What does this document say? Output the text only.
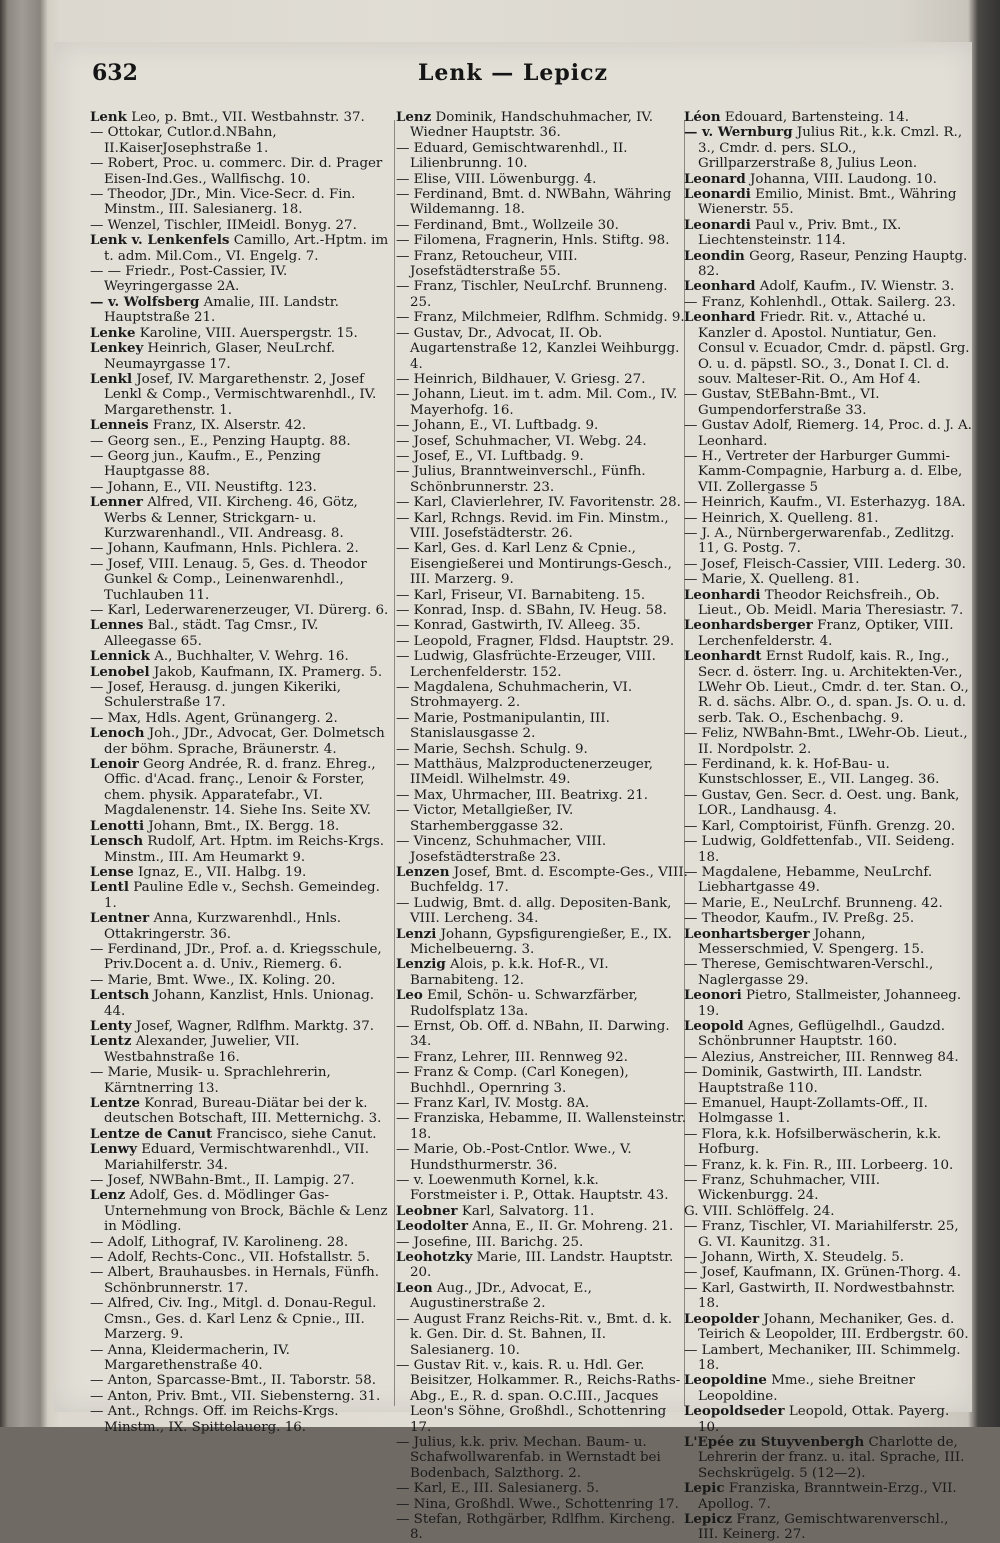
632	Lenk — Lepicz
Lenk Leo, p. Bmt., VII. Westbahnstr. 37.
— Ottokar, Cutlor.d.NBahn, II.KaiserJosephstraße 1.
— Robert, Proc. u. commerc. Dir. d. Prager Eisen-Ind.Ges., Wallfischg. 10.
— Theodor, JDr., Min. Vice-Secr. d. Fin. Minstm., III. Salesianerg. 18.
— Wenzel, Tischler, IIMeidl. Bonyg. 27.
Lenk v. Lenkenfels Camillo, Art.-Hptm. im t. adm. Mil.Com., VI. Engelg. 7.
— — Friedr., Post-Cassier, IV. Weyringergasse 2A.
— v. Wolfsberg Amalie, III. Landstr. Hauptstraße 21.
Lenke Karoline, VIII. Auerspergstr. 15.
Lenkey Heinrich, Glaser, NeuLrchf. Neumayrgasse 17.
Lenkl Josef, IV. Margarethenstr. 2, Josef Lenkl & Comp., Vermischtwarenhdl., IV. Margarethenstr. 1.
Lenneis Franz, IX. Alserstr. 42.
— Georg sen., E., Penzing Hauptg. 88.
— Georg jun., Kaufm., E., Penzing Hauptgasse 88.
— Johann, E., VII. Neustiftg. 123.
Lenner Alfred, VII. Kircheng. 46, Götz, Werbs & Lenner, Strickgarn- u. Kurzwarenhandl., VII. Andreasg. 8.
— Johann, Kaufmann, Hnls. Pichlera. 2.
— Josef, VIII. Lenaug. 5, Ges. d. Theodor Gunkel & Comp., Leinenwarenhdl., Tuchlauben 11.
— Karl, Lederwarenerzeuger, VI. Dürerg. 6.
Lennes Bal., städt. Tag Cmsr., IV. Alleegasse 65.
Lennick A., Buchhalter, V. Wehrg. 16.
Lenobel Jakob, Kaufmann, IX. Pramerg. 5.
— Josef, Herausg. d. jungen Kikeriki, Schulerstraße 17.
— Max, Hdls. Agent, Grünangerg. 2.
Lenoch Joh., JDr., Advocat, Ger. Dolmetsch der böhm. Sprache, Bräunerstr. 4.
Lenoir Georg Andrée, R. d. franz. Ehreg., Offic. d'Acad. franç., Lenoir & Forster, chem. physik. Apparatefabr., VI. Magdalenenstr. 14. Siehe Ins. Seite XV.
Lenotti Johann, Bmt., IX. Bergg. 18.
Lensch Rudolf, Art. Hptm. im Reichs-Krgs. Minstm., III. Am Heumarkt 9.
Lense Ignaz, E., VII. Halbg. 19.
Lentl Pauline Edle v., Sechsh. Gemeindeg. 1.
Lentner Anna, Kurzwarenhdl., Hnls. Ottakringerstr. 36.
— Ferdinand, JDr., Prof. a. d. Kriegsschule, Priv.Docent a. d. Univ., Riemerg. 6.
— Marie, Bmt. Wwe., IX. Koling. 20.
Lentsch Johann, Kanzlist, Hnls. Unionag. 44.
Lenty Josef, Wagner, Rdlfhm. Marktg. 37.
Lentz Alexander, Juwelier, VII. Westbahnstraße 16.
— Marie, Musik- u. Sprachlehrerin, Kärntnerring 13.
Lentze Konrad, Bureau-Diätar bei der k. deutschen Botschaft, III. Metternichg. 3.
Lentze de Canut Francisco, siehe Canut.
Lenwy Eduard, Vermischtwarenhdl., VII. Mariahilferstr. 34.
— Josef, NWBahn-Bmt., II. Lampig. 27.
Lenz Adolf, Ges. d. Mödlinger Gas-Unternehmung von Brock, Bächle & Lenz in Mödling.
— Adolf, Lithograf, IV. Karolineng. 28.
— Adolf, Rechts-Conc., VII. Hofstallstr. 5.
— Albert, Brauhausbes. in Hernals, Fünfh. Schönbrunnerstr. 17.
— Alfred, Civ. Ing., Mitgl. d. Donau-Regul. Cmsn., Ges. d. Karl Lenz & Cpnie., III. Marzerg. 9.
— Anna, Kleidermacherin, IV. Margarethenstraße 40.
— Anton, Sparcasse-Bmt., II. Taborstr. 58.
— Anton, Priv. Bmt., VII. Siebensterng. 31.
— Ant., Rchngs. Off. im Reichs-Krgs. Minstm., IX. Spittelauerg. 16.
Lenz Dominik, Handschuhmacher, IV. Wiedner Hauptstr. 36.
— Eduard, Gemischtwarenhdl., II. Lilienbrunng. 10.
— Elise, VIII. Löwenburgg. 4.
— Ferdinand, Bmt. d. NWBahn, Währing Wildemanng. 18.
— Ferdinand, Bmt., Wollzeile 30.
— Filomena, Fragnerin, Hnls. Stiftg. 98.
— Franz, Retoucheur, VIII. Josefstädterstraße 55.
— Franz, Tischler, NeuLrchf. Brunneng. 25.
— Franz, Milchmeier, Rdlfhm. Schmidg. 9.
— Gustav, Dr., Advocat, II. Ob. Augartenstraße 12, Kanzlei Weihburgg. 4.
— Heinrich, Bildhauer, V. Griesg. 27.
— Johann, Lieut. im t. adm. Mil. Com., IV. Mayerhofg. 16.
— Johann, E., VI. Luftbadg. 9.
— Josef, Schuhmacher, VI. Webg. 24.
— Josef, E., VI. Luftbadg. 9.
— Julius, Branntweinverschl., Fünfh. Schönbrunnerstr. 23.
— Karl, Clavierlehrer, IV. Favoritenstr. 28.
— Karl, Rchngs. Revid. im Fin. Minstm., VIII. Josefstädterstr. 26.
— Karl, Ges. d. Karl Lenz & Cpnie., Eisengießerei und Montirungs-Gesch., III. Marzerg. 9.
— Karl, Friseur, VI. Barnabiteng. 15.
— Konrad, Insp. d. SBahn, IV. Heug. 58.
— Konrad, Gastwirth, IV. Alleeg. 35.
— Leopold, Fragner, Fldsd. Hauptstr. 29.
— Ludwig, Glasfrüchte-Erzeuger, VIII. Lerchenfelderstr. 152.
— Magdalena, Schuhmacherin, VI. Strohmayerg. 2.
— Marie, Postmanipulantin, III. Stanislausgasse 2.
— Marie, Sechsh. Schulg. 9.
— Matthäus, Malzproductenerzeuger, IIMeidl. Wilhelmstr. 49.
— Max, Uhrmacher, III. Beatrixg. 21.
— Victor, Metallgießer, IV. Starhemberggasse 32.
— Vincenz, Schuhmacher, VIII. Josefstädterstraße 23.
Lenzen Josef, Bmt. d. Escompte-Ges., VIII. Buchfeldg. 17.
— Ludwig, Bmt. d. allg. Depositen-Bank, VIII. Lercheng. 34.
Lenzi Johann, Gypsfigurengießer, E., IX. Michelbeuerng. 3.
Lenzig Alois, p. k.k. Hof-R., VI. Barnabiteng. 12.
Leo Emil, Schön- u. Schwarzfärber, Rudolfsplatz 13a.
— Ernst, Ob. Off. d. NBahn, II. Darwing. 34.
— Franz, Lehrer, III. Rennweg 92.
— Franz & Comp. (Carl Konegen), Buchhdl., Opernring 3.
— Franz Karl, IV. Mostg. 8A.
— Franziska, Hebamme, II. Wallensteinstr. 18.
— Marie, Ob.-Post-Cntlor. Wwe., V. Hundsthurmerstr. 36.
— v. Loewenmuth Kornel, k.k. Forstmeister i. P., Ottak. Hauptstr. 43.
Leobner Karl, Salvatorg. 11.
Leodolter Anna, E., II. Gr. Mohreng. 21.
— Josefine, III. Barichg. 25.
Leohotzky Marie, III. Landstr. Hauptstr. 20.
Leon Aug., JDr., Advocat, E., Augustinerstraße 2.
— August Franz Reichs-Rit. v., Bmt. d. k. k. Gen. Dir. d. St. Bahnen, II. Salesianerg. 10.
— Gustav Rit. v., kais. R. u. Hdl. Ger. Beisitzer, Holkammer. R., Reichs-Raths-Abg., E., R. d. span. O.C.III., Jacques Leon's Söhne, Großhdl., Schottenring 17.
— Julius, k.k. priv. Mechan. Baum- u. Schafwollwarenfab. in Wernstadt bei Bodenbach, Salzthorg. 2.
— Karl, E., III. Salesianerg. 5.
— Nina, Großhdl. Wwe., Schottenring 17.
— Stefan, Rothgärber, Rdlfhm. Kircheng. 8.
Léon Edouard, Bartensteing. 14.
— v. Wernburg Julius Rit., k.k. Cmzl. R., 3., Cmdr. d. pers. SLO., Grillparzerstraße 8, Julius Leon.
Leonard Johanna, VIII. Laudong. 10.
Leonardi Emilio, Minist. Bmt., Währing Wienerstr. 55.
Leonardi Paul v., Priv. Bmt., IX. Liechtensteinstr. 114.
Leondin Georg, Raseur, Penzing Hauptg. 82.
Leonhard Adolf, Kaufm., IV. Wienstr. 3.
— Franz, Kohlenhdl., Ottak. Sailerg. 23.
Leonhard Friedr. Rit. v., Attaché u. Kanzler d. Apostol. Nuntiatur, Gen. Consul v. Ecuador, Cmdr. d. päpstl. Grg. O. u. d. päpstl. SO., 3., Donat I. Cl. d. souv. Malteser-Rit. O., Am Hof 4.
— Gustav, StEBahn-Bmt., VI. Gumpendorferstraße 33.
— Gustav Adolf, Riemerg. 14, Proc. d. J. A. Leonhard.
— H., Vertreter der Harburger Gummi-Kamm-Compagnie, Harburg a. d. Elbe, VII. Zollergasse 5
— Heinrich, Kaufm., VI. Esterhazyg. 18A.
— Heinrich, X. Quelleng. 81.
— J. A., Nürnbergerwarenfab., Zedlitzg. 11, G. Postg. 7.
— Josef, Fleisch-Cassier, VIII. Lederg. 30.
— Marie, X. Quelleng. 81.
Leonhardi Theodor Reichsfreih., Ob. Lieut., Ob. Meidl. Maria Theresiastr. 7.
Leonhardsberger Franz, Optiker, VIII. Lerchenfelderstr. 4.
Leonhardt Ernst Rudolf, kais. R., Ing., Secr. d. österr. Ing. u. Architekten-Ver., LWehr Ob. Lieut., Cmdr. d. ter. Stan. O., R. d. sächs. Albr. O., d. span. Js. O. u. d. serb. Tak. O., Eschenbachg. 9.
— Feliz, NWBahn-Bmt., LWehr-Ob. Lieut., II. Nordpolstr. 2.
— Ferdinand, k. k. Hof-Bau- u. Kunstschlosser, E., VII. Langeg. 36.
— Gustav, Gen. Secr. d. Oest. ung. Bank, LOR., Landhausg. 4.
— Karl, Comptoirist, Fünfh. Grenzg. 20.
— Ludwig, Goldfettenfab., VII. Seideng. 18.
— Magdalene, Hebamme, NeuLrchf. Liebhartgasse 49.
— Marie, E., NeuLrchf. Brunneng. 42.
— Theodor, Kaufm., IV. Preßg. 25.
Leonhartsberger Johann, Messerschmied, V. Spengerg. 15.
— Therese, Gemischtwaren-Verschl., Naglergasse 29.
Leonori Pietro, Stallmeister, Johanneeg. 19.
Leopold Agnes, Geflügelhdl., Gaudzd. Schönbrunner Hauptstr. 160.
— Alezius, Anstreicher, III. Rennweg 84.
— Dominik, Gastwirth, III. Landstr. Hauptstraße 110.
— Emanuel, Haupt-Zollamts-Off., II. Holmgasse 1.
— Flora, k.k. Hofsilberwäscherin, k.k. Hofburg.
— Franz, k. k. Fin. R., III. Lorbeerg. 10.
— Franz, Schuhmacher, VIII. Wickenburgg. 24.
G. VIII. Schlöffelg. 24.
— Franz, Tischler, VI. Mariahilferstr. 25, G. VI. Kaunitzg. 31.
— Johann, Wirth, X. Steudelg. 5.
— Josef, Kaufmann, IX. Grünen-Thorg. 4.
— Karl, Gastwirth, II. Nordwestbahnstr. 18.
Leopolder Johann, Mechaniker, Ges. d. Teirich & Leopolder, III. Erdbergstr. 60.
— Lambert, Mechaniker, III. Schimmelg. 18.
Leopoldine Mme., siehe Breitner Leopoldine.
Leopoldseder Leopold, Ottak. Payerg. 10.
L'Epée zu Stuyvenbergh Charlotte de, Lehrerin der franz. u. ital. Sprache, III. Sechskrügelg. 5 (12—2).
Lepic Franziska, Branntwein-Erzg., VII. Apollog. 7.
Lepicz Franz, Gemischtwarenverschl., III. Keinerg. 27.
